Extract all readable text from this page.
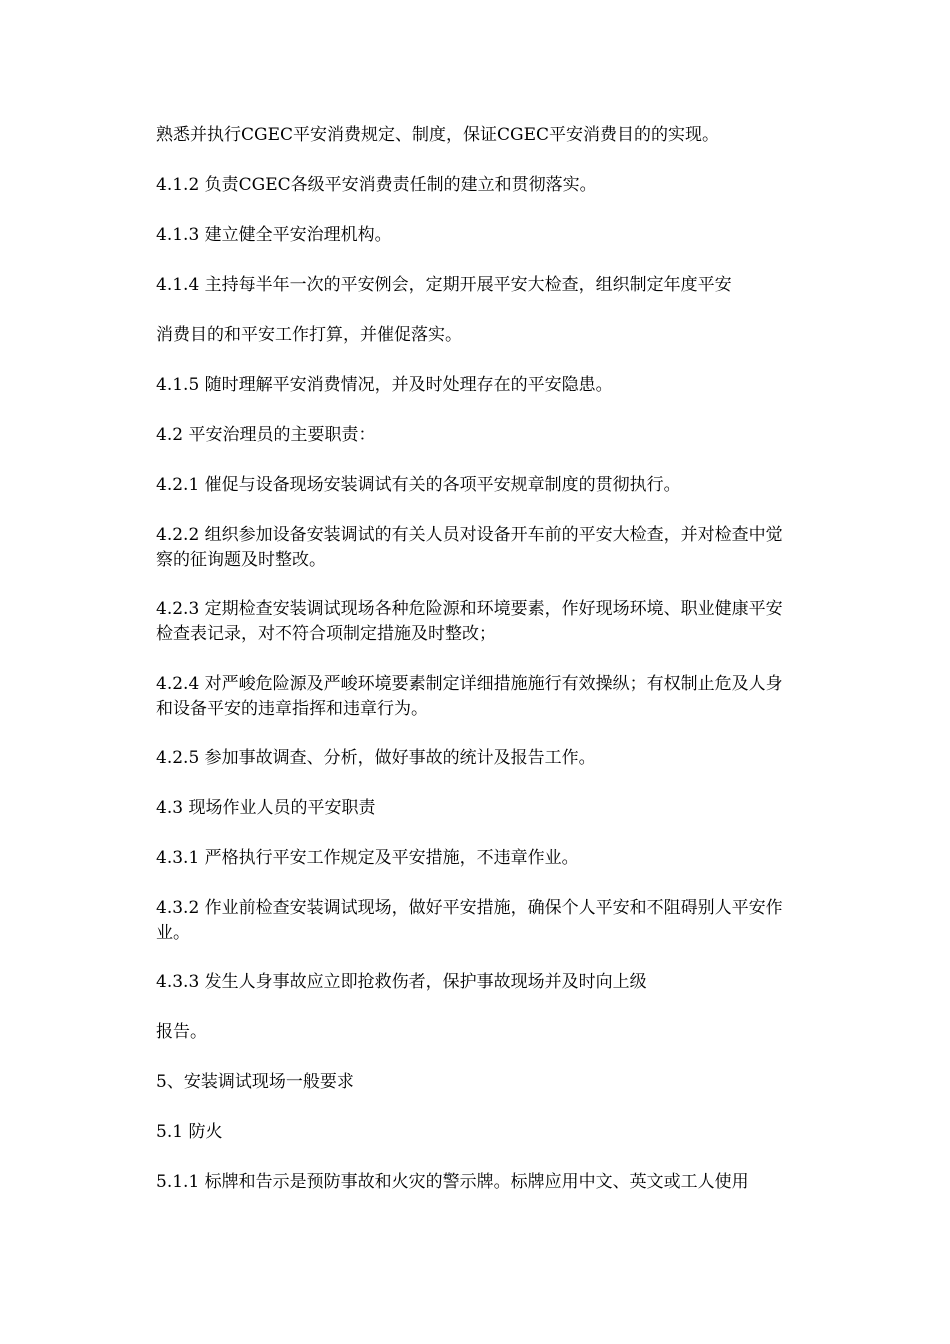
熟悉并执行CGEC平安消费规定、制度，保证CGEC平安消费目的的实现。

4.1.2 负责CGEC各级平安消费责任制的建立和贯彻落实。

4.1.3 建立健全平安治理机构。

4.1.4 主持每半年一次的平安例会，定期开展平安大检查，组织制定年度平安

消费目的和平安工作打算，并催促落实。

4.1.5 随时理解平安消费情况，并及时处理存在的平安隐患。

4.2 平安治理员的主要职责：

4.2.1 催促与设备现场安装调试有关的各项平安规章制度的贯彻执行。

4.2.2 组织参加设备安装调试的有关人员对设备开车前的平安大检查，并对检查中觉察的征询题及时整改。

4.2.3 定期检查安装调试现场各种危险源和环境要素，作好现场环境、职业健康平安检查表记录，对不符合项制定措施及时整改；

4.2.4 对严峻危险源及严峻环境要素制定详细措施施行有效操纵；有权制止危及人身和设备平安的违章指挥和违章行为。

4.2.5 参加事故调查、分析，做好事故的统计及报告工作。

4.3 现场作业人员的平安职责

4.3.1 严格执行平安工作规定及平安措施，不违章作业。

4.3.2 作业前检查安装调试现场，做好平安措施，确保个人平安和不阻碍别人平安作业。

4.3.3 发生人身事故应立即抢救伤者，保护事故现场并及时向上级

报告。

5、安装调试现场一般要求

5.1 防火

5.1.1 标牌和告示是预防事故和火灾的警示牌。标牌应用中文、英文或工人使用
